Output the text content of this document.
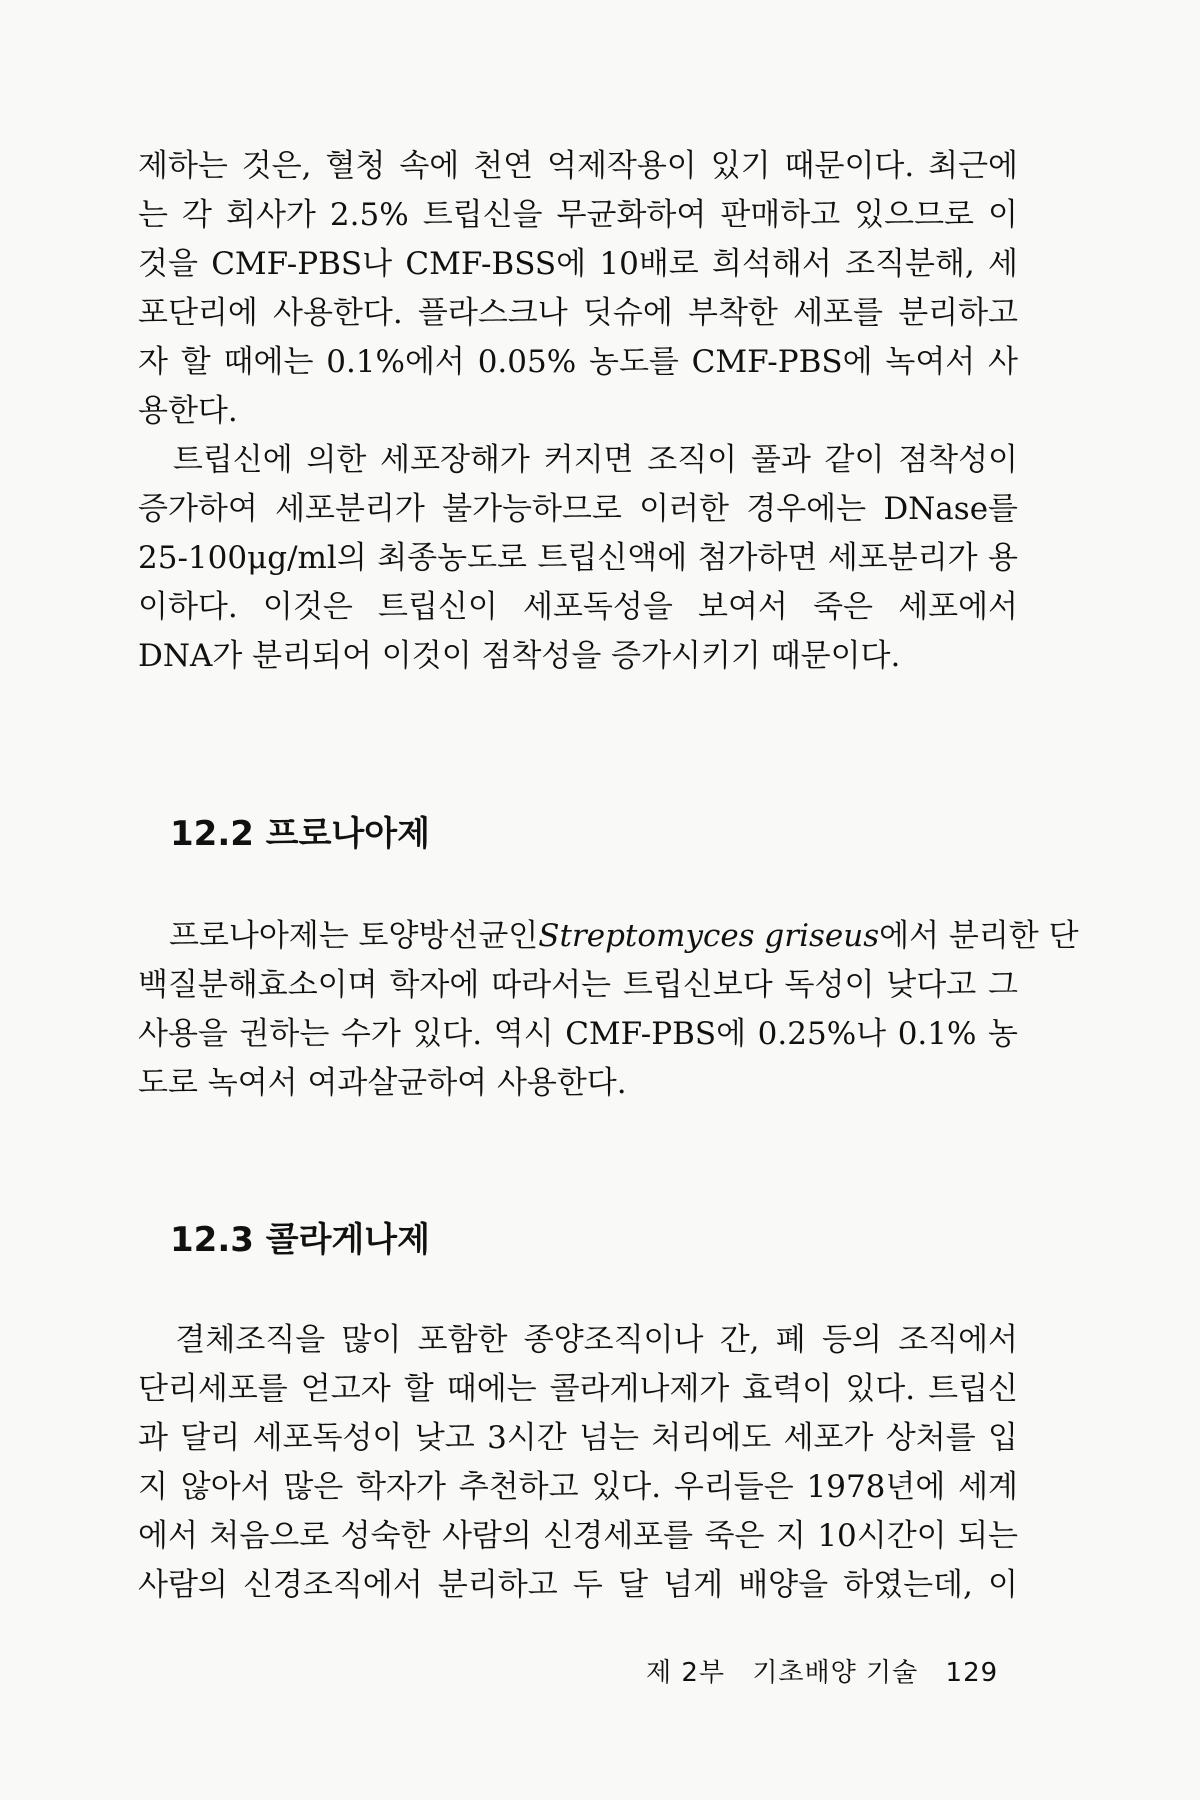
제하는 것은, 혈청 속에 천연 억제작용이 있기 때문이다. 최근에
는 각 회사가 2.5% 트립신을 무균화하여 판매하고 있으므로 이
것을 CMF-PBS나 CMF-BSS에 10배로 희석해서 조직분해, 세
포단리에 사용한다. 플라스크나 딧슈에 부착한 세포를 분리하고
자 할 때에는 0.1%에서 0.05% 농도를 CMF-PBS에 녹여서 사
용한다.
　트립신에 의한 세포장해가 커지면 조직이 풀과 같이 점착성이
증가하여 세포분리가 불가능하므로 이러한 경우에는 DNase를
25-100μg/ml의 최종농도로 트립신액에 첨가하면 세포분리가 용
이하다. 이것은 트립신이 세포독성을 보여서 죽은 세포에서
DNA가 분리되어 이것이 점착성을 증가시키기 때문이다.
12.2 프로나아제
　프로나아제는 토양방선균인Streptomyces griseus에서 분리한 단
백질분해효소이며 학자에 따라서는 트립신보다 독성이 낮다고 그
사용을 권하는 수가 있다. 역시 CMF-PBS에 0.25%나 0.1% 농
도로 녹여서 여과살균하여 사용한다.
12.3 콜라게나제
　결체조직을 많이 포함한 종양조직이나 간, 폐 등의 조직에서
단리세포를 얻고자 할 때에는 콜라게나제가 효력이 있다. 트립신
과 달리 세포독성이 낮고 3시간 넘는 처리에도 세포가 상처를 입
지 않아서 많은 학자가 추천하고 있다. 우리들은 1978년에 세계
에서 처음으로 성숙한 사람의 신경세포를 죽은 지 10시간이 되는
사람의 신경조직에서 분리하고 두 달 넘게 배양을 하였는데, 이
제 2부 기초배양 기술 129
